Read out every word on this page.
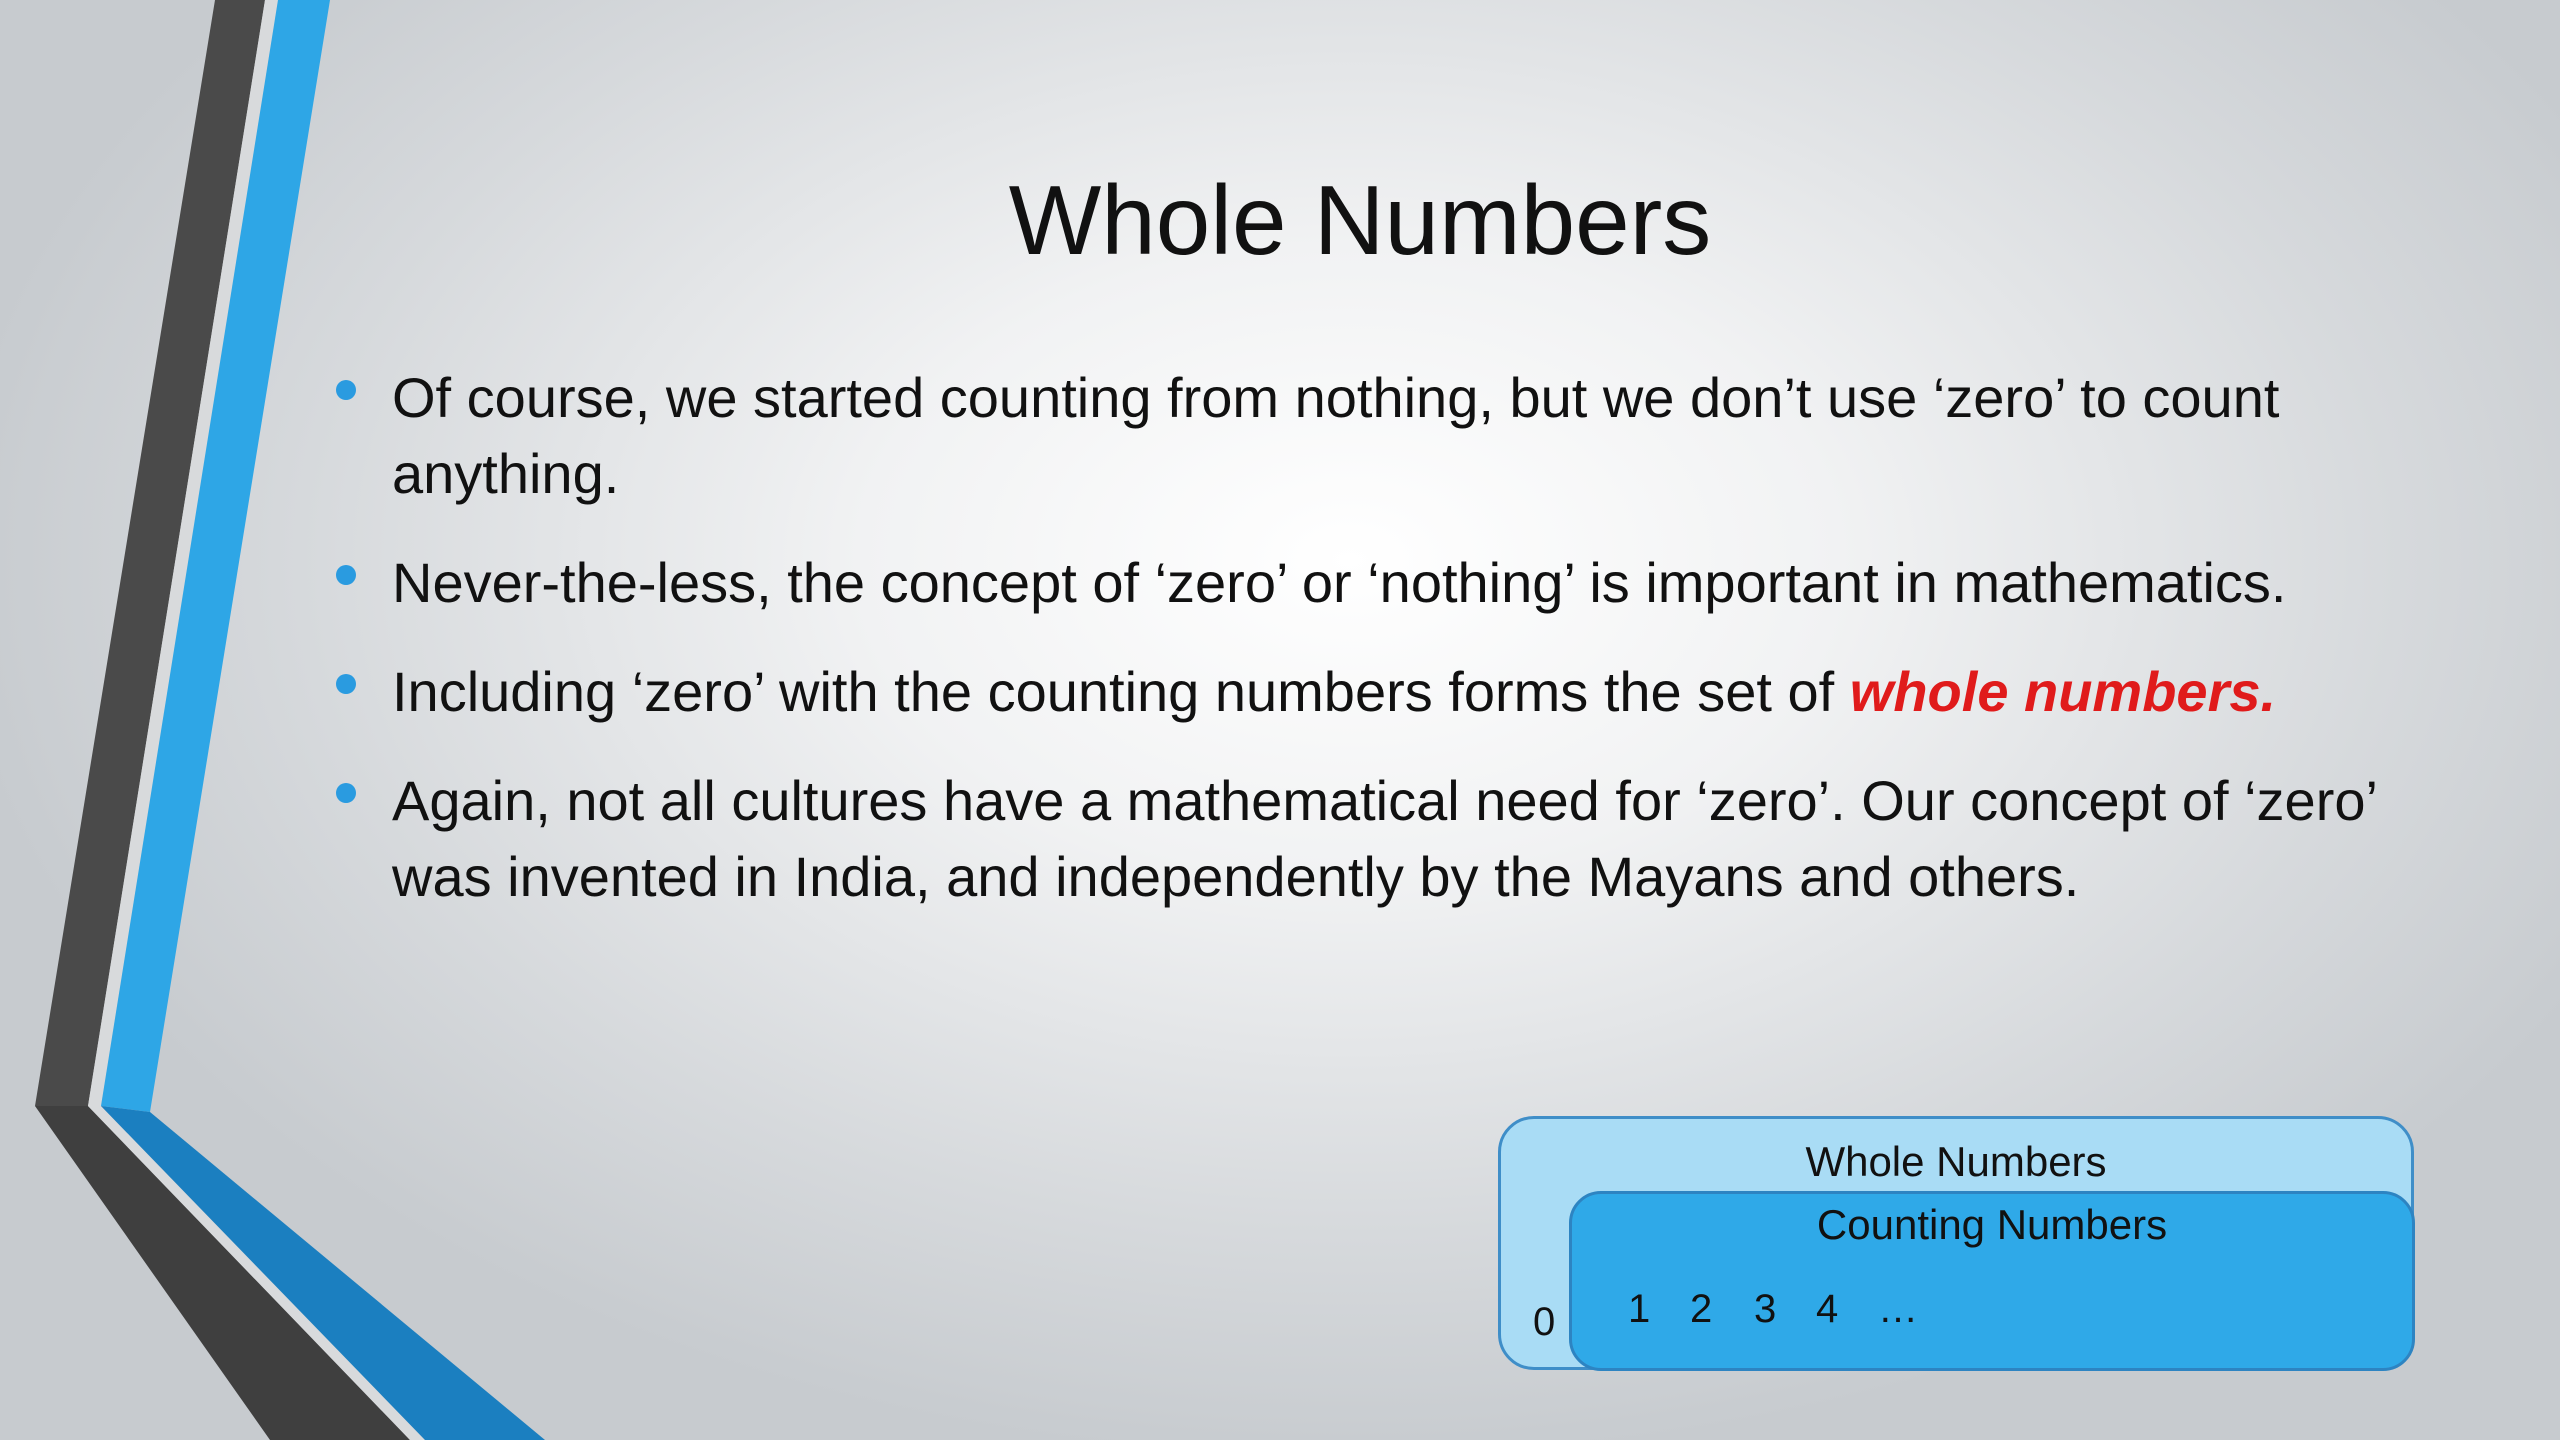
Whole Numbers
Of course, we started counting from nothing, but we don’t use ‘zero’ to count anything.
Never-the-less, the concept of ‘zero’ or ‘nothing’ is important in mathematics.
Including ‘zero’ with the counting numbers forms the set of whole numbers.
Again, not all cultures have a mathematical need for ‘zero’. Our concept of ‘zero’ was invented in India, and independently by the Mayans and others.
Whole Numbers
0
Counting Numbers
1 2 3 4 …
